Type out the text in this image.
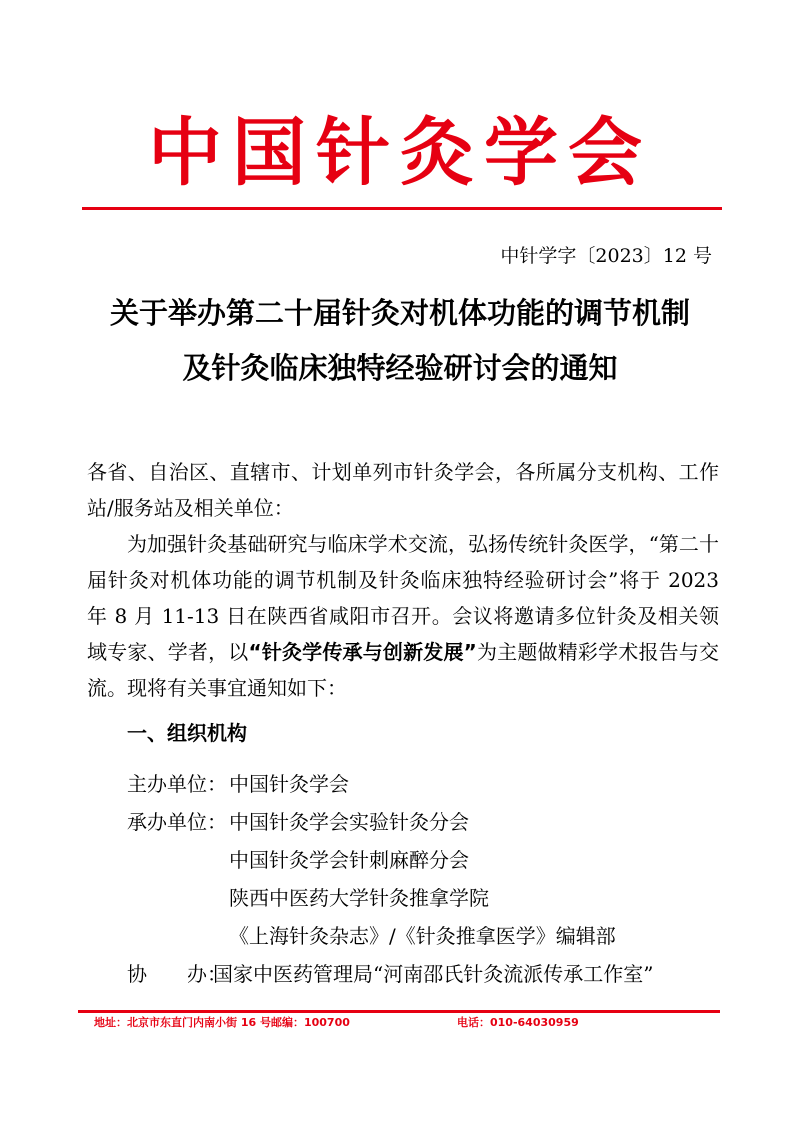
中国针灸学会
中针学字〔2023〕12 号
关于举办第二十届针灸对机体功能的调节机制
及针灸临床独特经验研讨会的通知

各省、自治区、直辖市、计划单列市针灸学会，各所属分支机构、工作站/服务站及相关单位：

为加强针灸基础研究与临床学术交流，弘扬传统针灸医学，“第二十届针灸对机体功能的调节机制及针灸临床独特经验研讨会”将于 2023 年 8 月 11-13 日在陕西省咸阳市召开。会议将邀请多位针灸及相关领域专家、学者，以“针灸学传承与创新发展”为主题做精彩学术报告与交流。现将有关事宜通知如下：

一、组织机构
主办单位： 中国针灸学会
承办单位： 中国针灸学会实验针灸分会
中国针灸学会针刺麻醉分会
陕西中医药大学针灸推拿学院
《上海针灸杂志》/《针灸推拿医学》编辑部
协　　办：
国家中医药管理局“河南邵氏针灸流派传承工作室”
地址：北京市东直门内南小街 16 号邮编：100700	电话：010-64030959
